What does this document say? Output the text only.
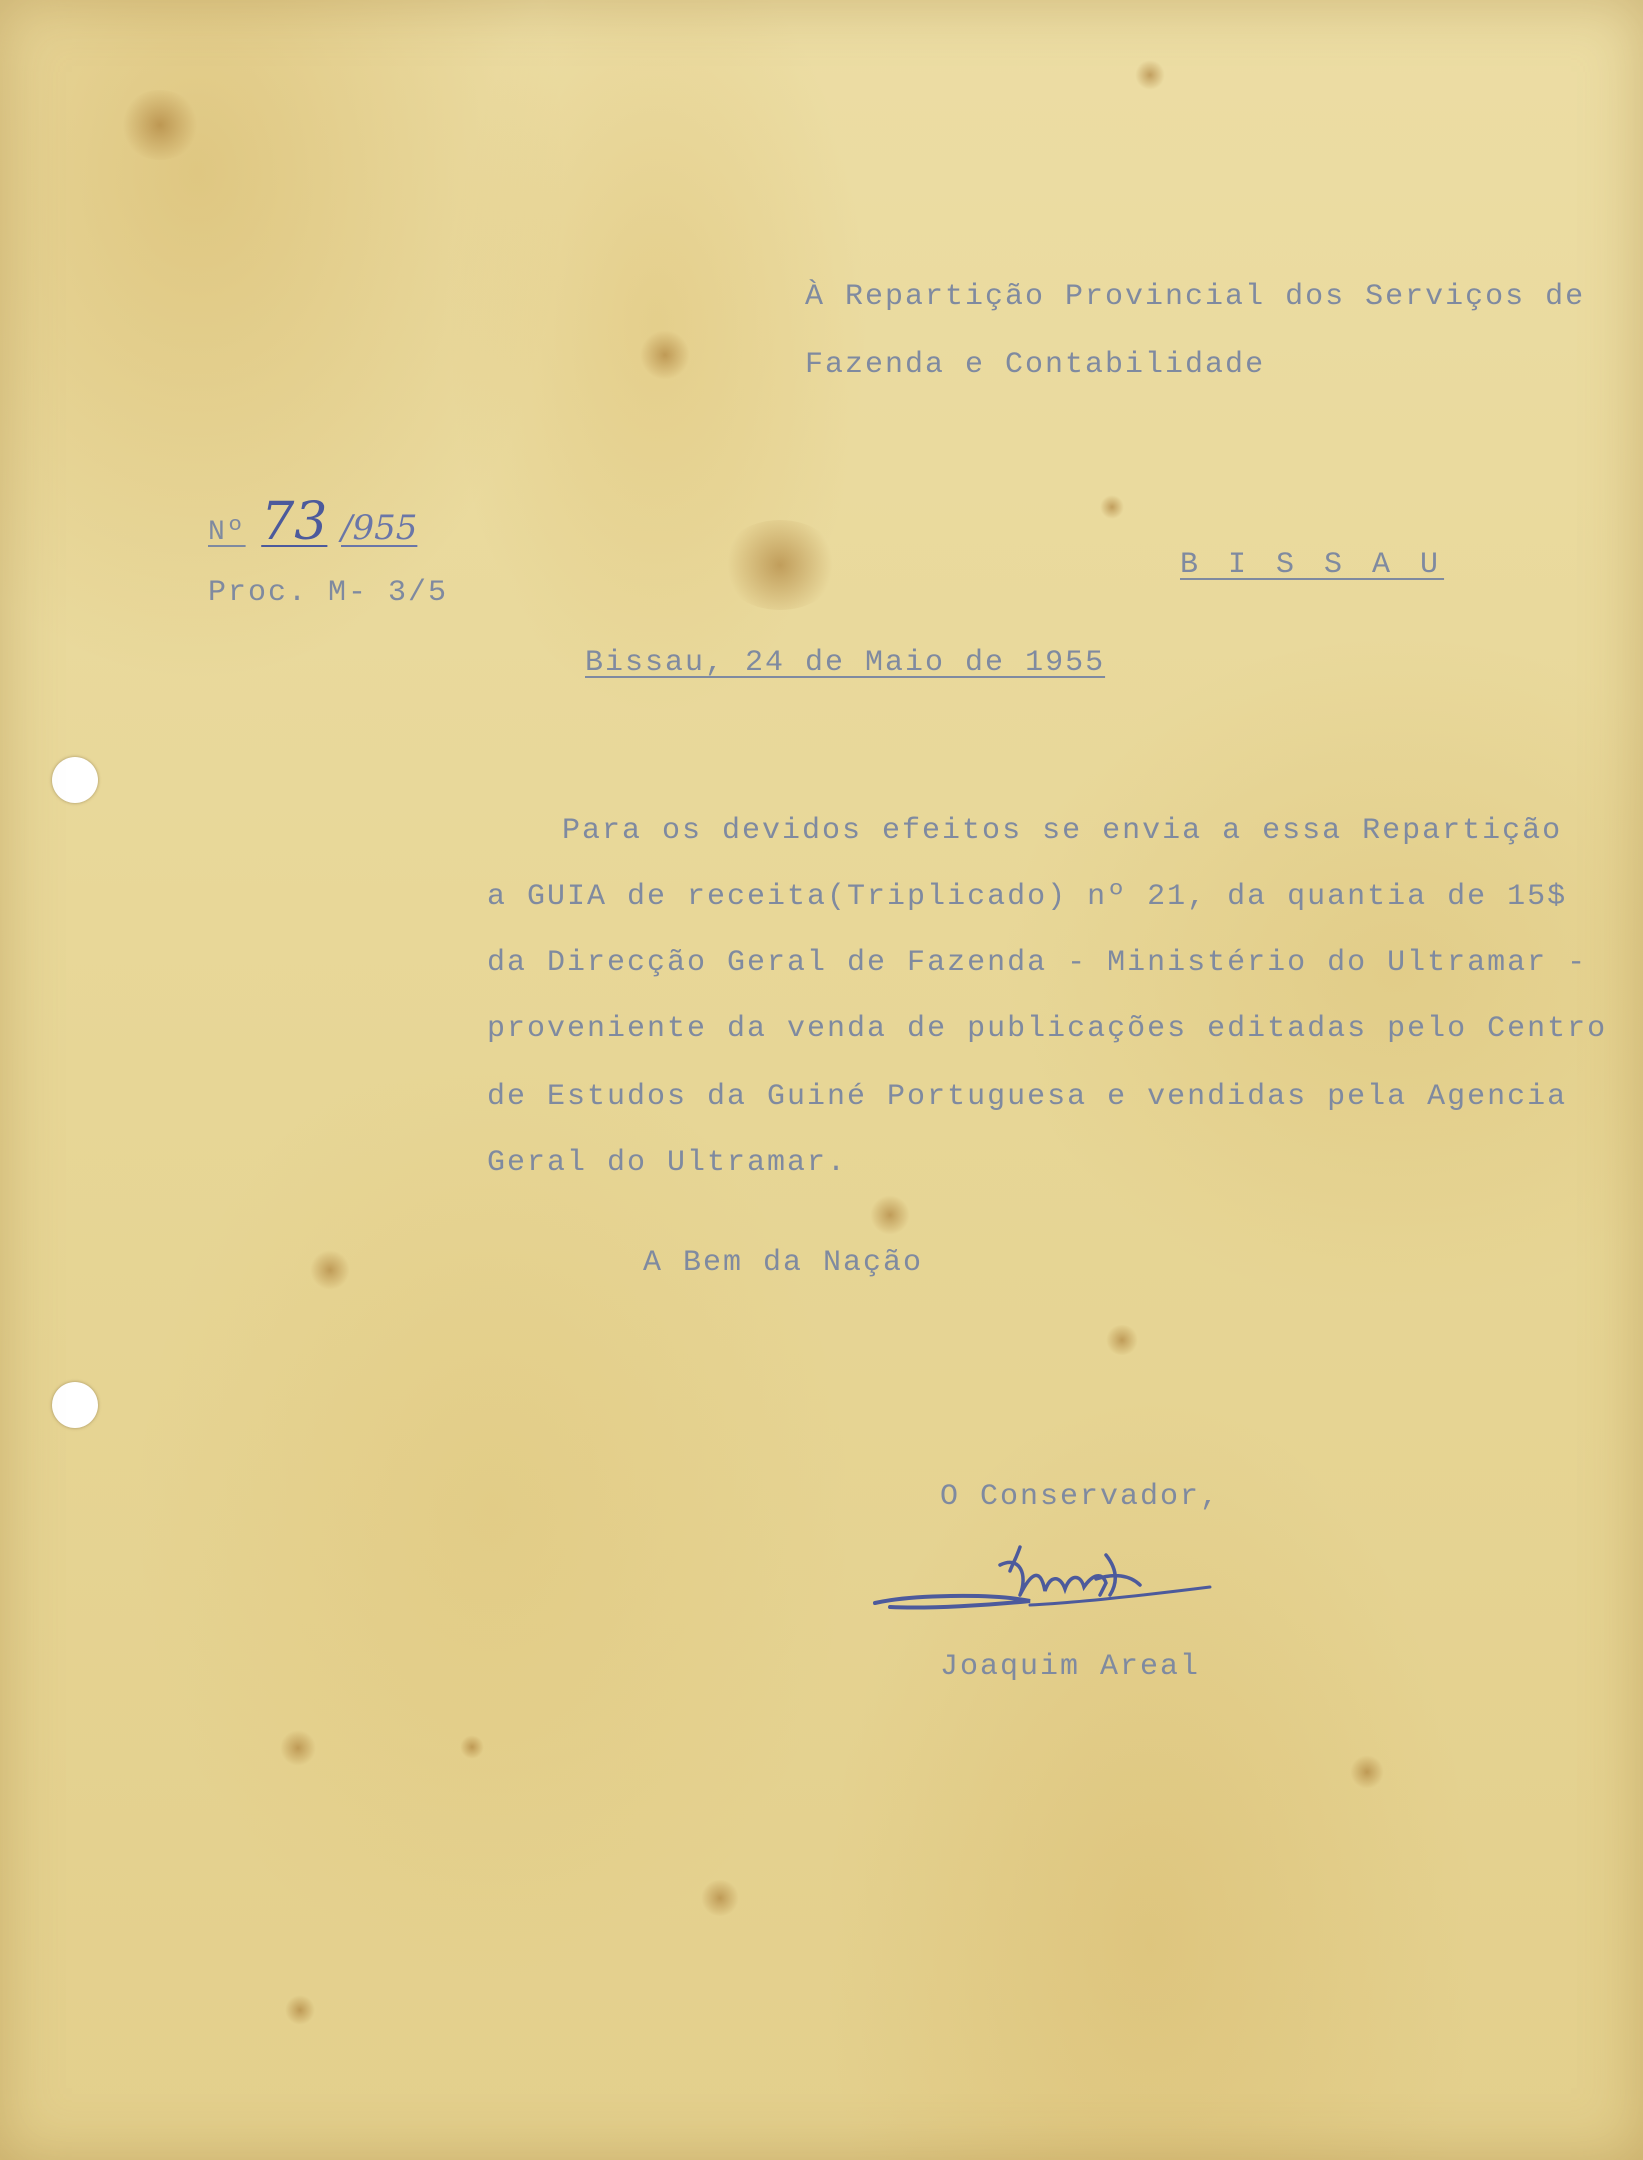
À Repartição Provincial dos Serviços de
Fazenda e Contabilidade
Nº 73 /955
Proc. M- 3/5
B I S S A U
Bissau, 24 de Maio de 1955
Para os devidos efeitos se envia a essa Repartição
a GUIA de receita(Triplicado) nº 21, da quantia de 15$
da Direcção Geral de Fazenda - Ministério do Ultramar -
proveniente da venda de publicações editadas pelo Centro
de Estudos da Guiné Portuguesa e vendidas pela Agencia
Geral do Ultramar.
A Bem da Nação
O Conservador,
Joaquim Areal
